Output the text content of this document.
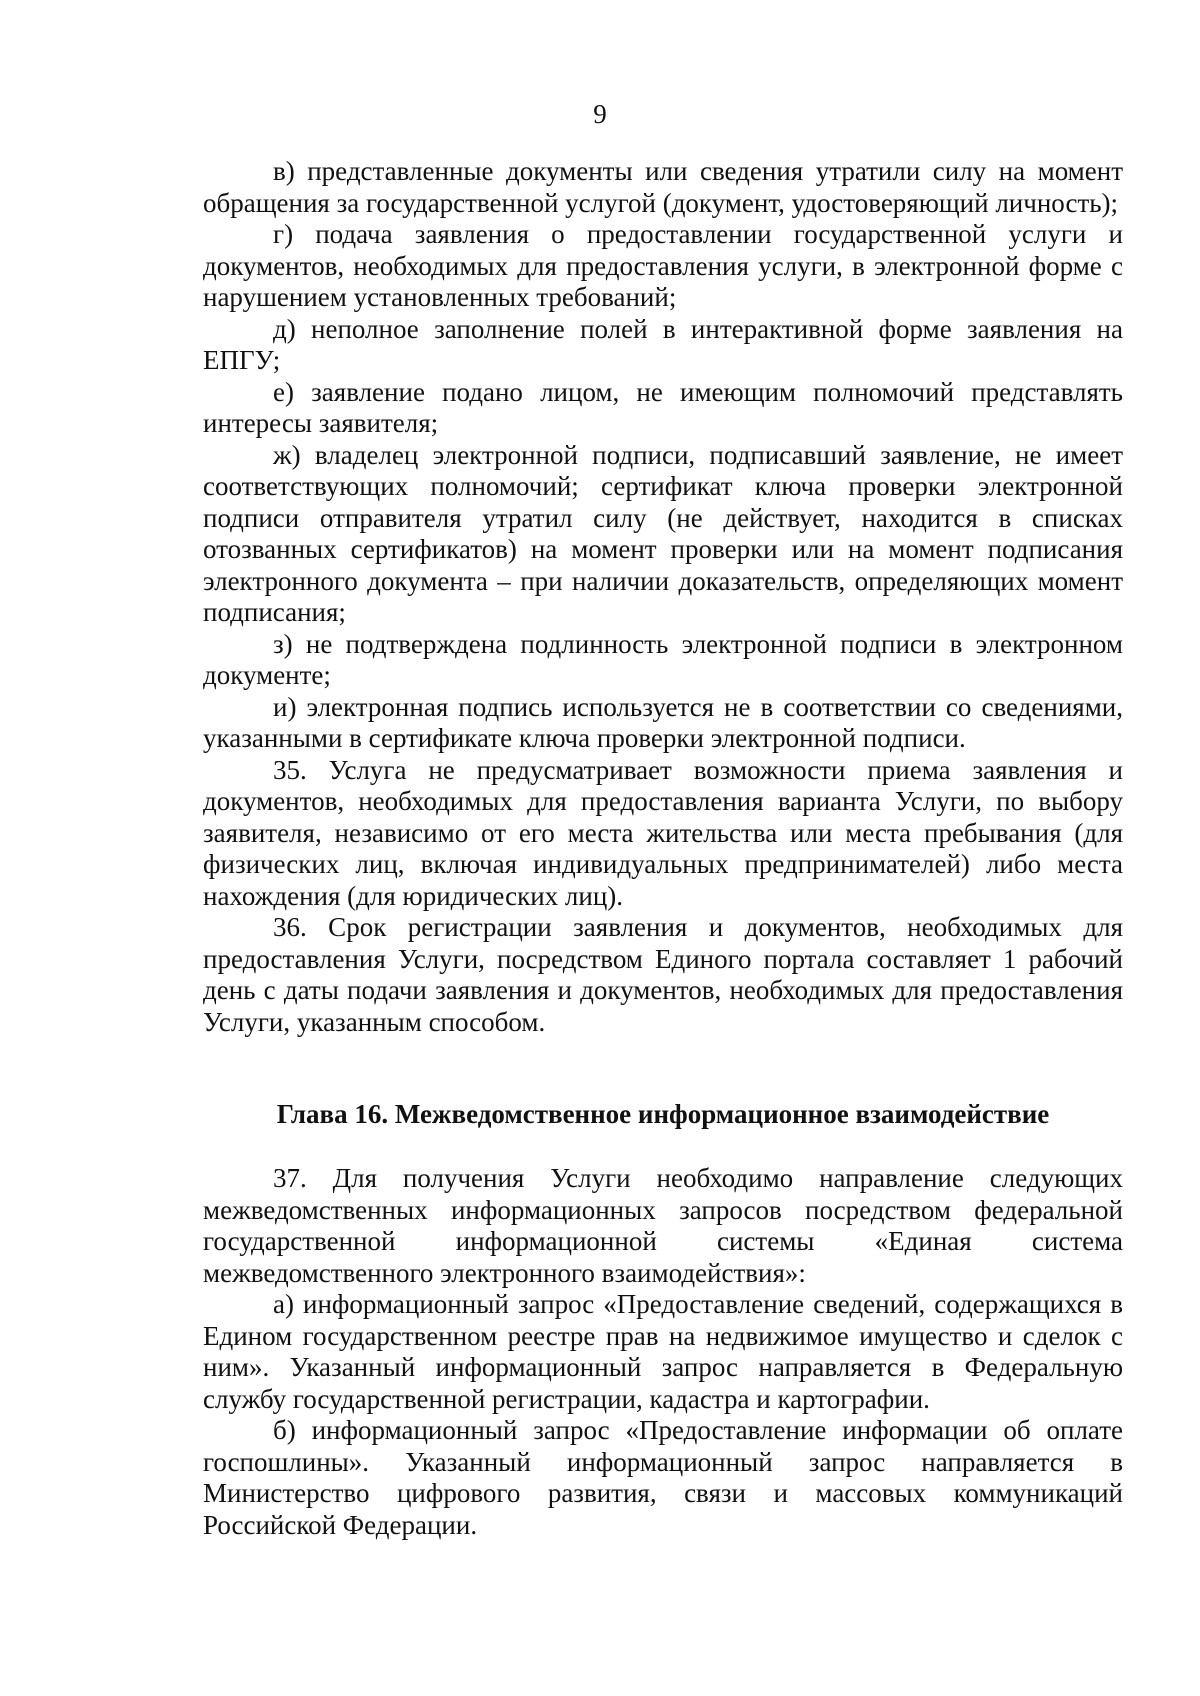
9

в) представленные документы или сведения утратили силу на момент обращения за государственной услугой (документ, удостоверяющий личность);

г) подача заявления о предоставлении государственной услуги и документов, необходимых для предоставления услуги, в электронной форме с нарушением установленных требований;

д) неполное заполнение полей в интерактивной форме заявления на ЕПГУ;

е) заявление подано лицом, не имеющим полномочий представлять интересы заявителя;

ж) владелец электронной подписи, подписавший заявление, не имеет соответствующих полномочий; сертификат ключа проверки электронной подписи отправителя утратил силу (не действует, находится в списках отозванных сертификатов) на момент проверки или на момент подписания электронного документа – при наличии доказательств, определяющих момент подписания;

з) не подтверждена подлинность электронной подписи в электронном документе;

и) электронная подпись используется не в соответствии со сведениями, указанными в сертификате ключа проверки электронной подписи.

35. Услуга не предусматривает возможности приема заявления и документов, необходимых для предоставления варианта Услуги, по выбору заявителя, независимо от его места жительства или места пребывания (для физических лиц, включая индивидуальных предпринимателей) либо места нахождения (для юридических лиц).

36. Срок регистрации заявления и документов, необходимых для предоставления Услуги, посредством Единого портала составляет 1 рабочий день с даты подачи заявления и документов, необходимых для предоставления Услуги, указанным способом.

Глава 16. Межведомственное информационное взаимодействие

37. Для получения Услуги необходимо направление следующих межведомственных информационных запросов посредством федеральной государственной информационной системы «Единая система межведомственного электронного взаимодействия»:

а) информационный запрос «Предоставление сведений, содержащихся в Едином государственном реестре прав на недвижимое имущество и сделок с ним». Указанный информационный запрос направляется в Федеральную службу государственной регистрации, кадастра и картографии.

б) информационный запрос «Предоставление информации об оплате госпошлины». Указанный информационный запрос направляется в Министерство цифрового развития, связи и массовых коммуникаций Российской Федерации.
